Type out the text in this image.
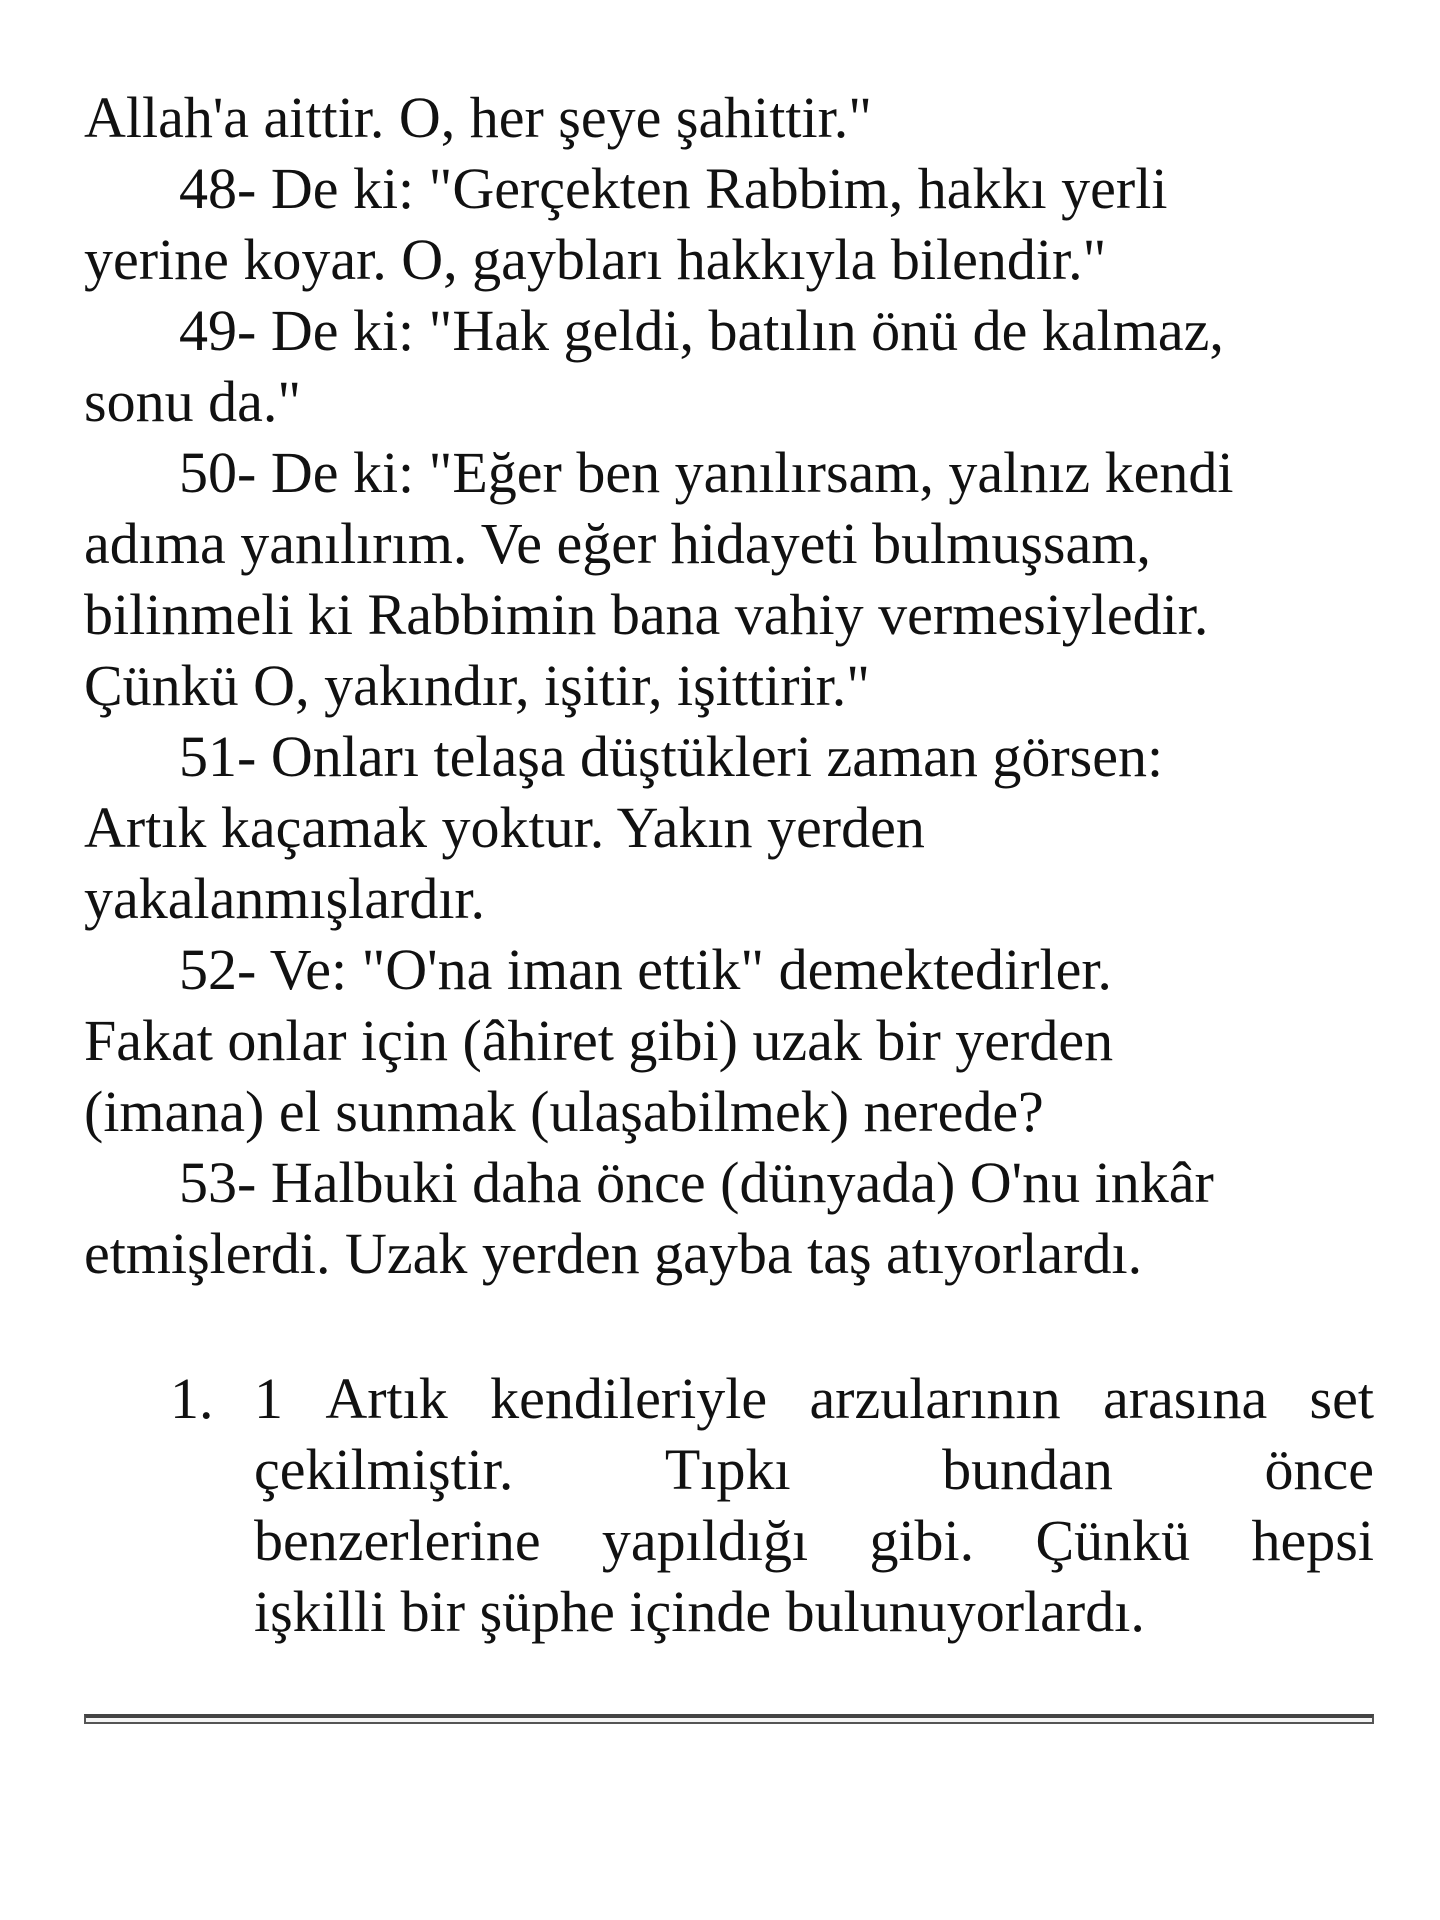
Allah'a aittir. O, her şeye şahittir."

48- De ki: "Gerçekten Rabbim, hakkı yerli

yerine koyar. O, gaybları hakkıyla bilendir."

49- De ki: "Hak geldi, batılın önü de kalmaz,

sonu da."

50- De ki: "Eğer ben yanılırsam, yalnız kendi

adıma yanılırım. Ve eğer hidayeti bulmuşsam,

bilinmeli ki Rabbimin bana vahiy vermesiyledir.

Çünkü O, yakındır, işitir, işittirir."

51- Onları telaşa düştükleri zaman görsen:

Artık kaçamak yoktur. Yakın yerden

yakalanmışlardır.

52- Ve: "O'na iman ettik" demektedirler.

Fakat onlar için (âhiret gibi) uzak bir yerden

(imana) el sunmak (ulaşabilmek) nerede?

53- Halbuki daha önce (dünyada) O'nu inkâr

etmişlerdi. Uzak yerden gayba taş atıyorlardı.

1. 1 Artık kendileriyle arzularının arasına set
çekilmiştir.	Tıpkı	bundan	önce
benzerlerine yapıldığı gibi. Çünkü hepsi
işkilli bir şüphe içinde bulunuyorlardı.
